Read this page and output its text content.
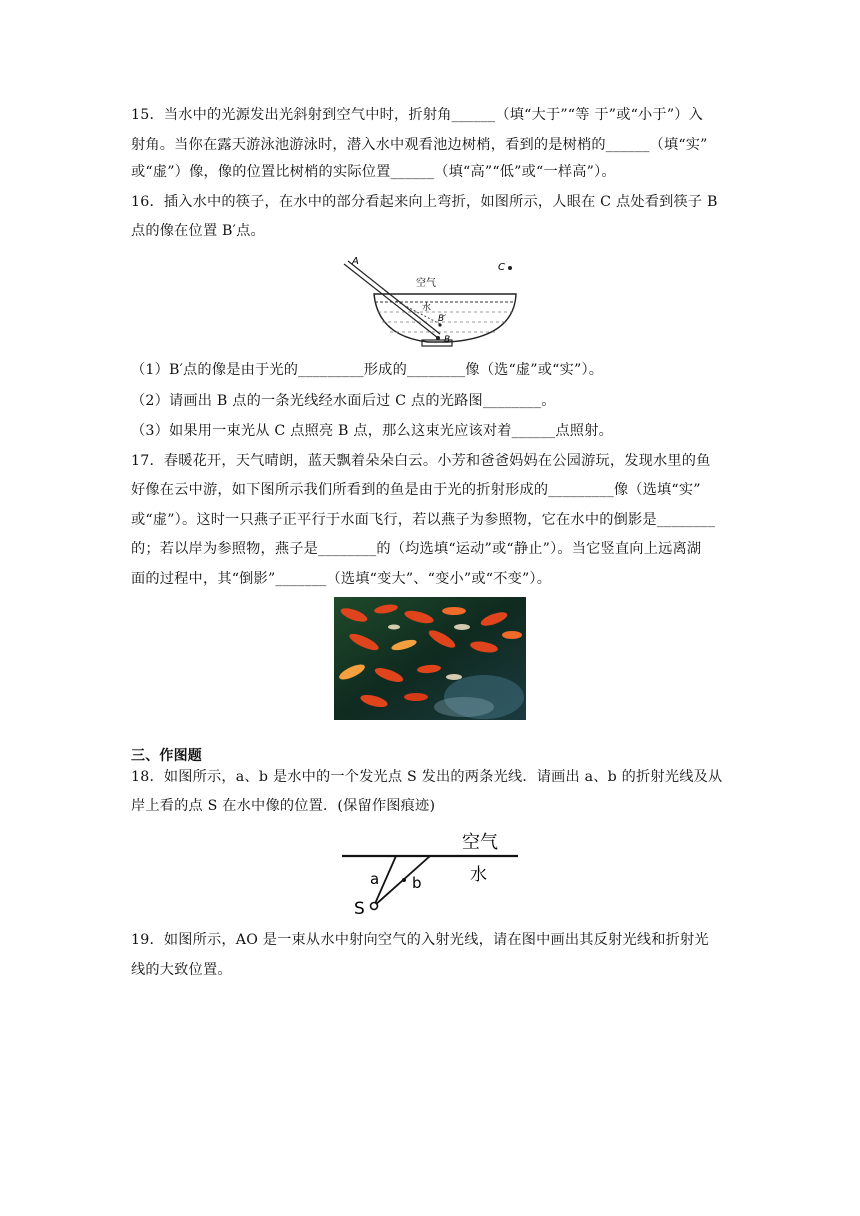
15．当水中的光源发出光斜射到空气中时，折射角______（填“大于”“等 于”或“小于”）入
射角。当你在露天游泳池游泳时，潜入水中观看池边树梢，看到的是树梢的______（填“实”
或“虚”）像，像的位置比树梢的实际位置______（填“高”“低”或“一样高”）。
16．插入水中的筷子，在水中的部分看起来向上弯折，如图所示，人眼在 C 点处看到筷子 B
点的像在位置 B′点。
A
C
空气
水
B′
B
（1）B′点的像是由于光的_________形成的________像（选“虚”或“实”）。
（2）请画出 B 点的一条光线经水面后过 C 点的光路图________。
（3）如果用一束光从 C 点照亮 B 点，那么这束光应该对着______点照射。
17．春暖花开，天气晴朗，蓝天飘着朵朵白云。小芳和爸爸妈妈在公园游玩，发现水里的鱼
好像在云中游，如下图所示我们所看到的鱼是由于光的折射形成的_________像（选填“实”
或“虚”）。这时一只燕子正平行于水面飞行，若以燕子为参照物，它在水中的倒影是________
的；若以岸为参照物，燕子是________的（均选填“运动”或“静止”）。当它竖直向上远离湖
面的过程中，其“倒影”_______（选填“变大”、“变小”或“不变”）。
三、作图题
18．如图所示，a、b 是水中的一个发光点 S 发出的两条光线．请画出 a、b 的折射光线及从
岸上看的点 S 在水中像的位置．(保留作图痕迹)
空气
水
a b
S
19．如图所示，AO 是一束从水中射向空气的入射光线，请在图中画出其反射光线和折射光
线的大致位置。
